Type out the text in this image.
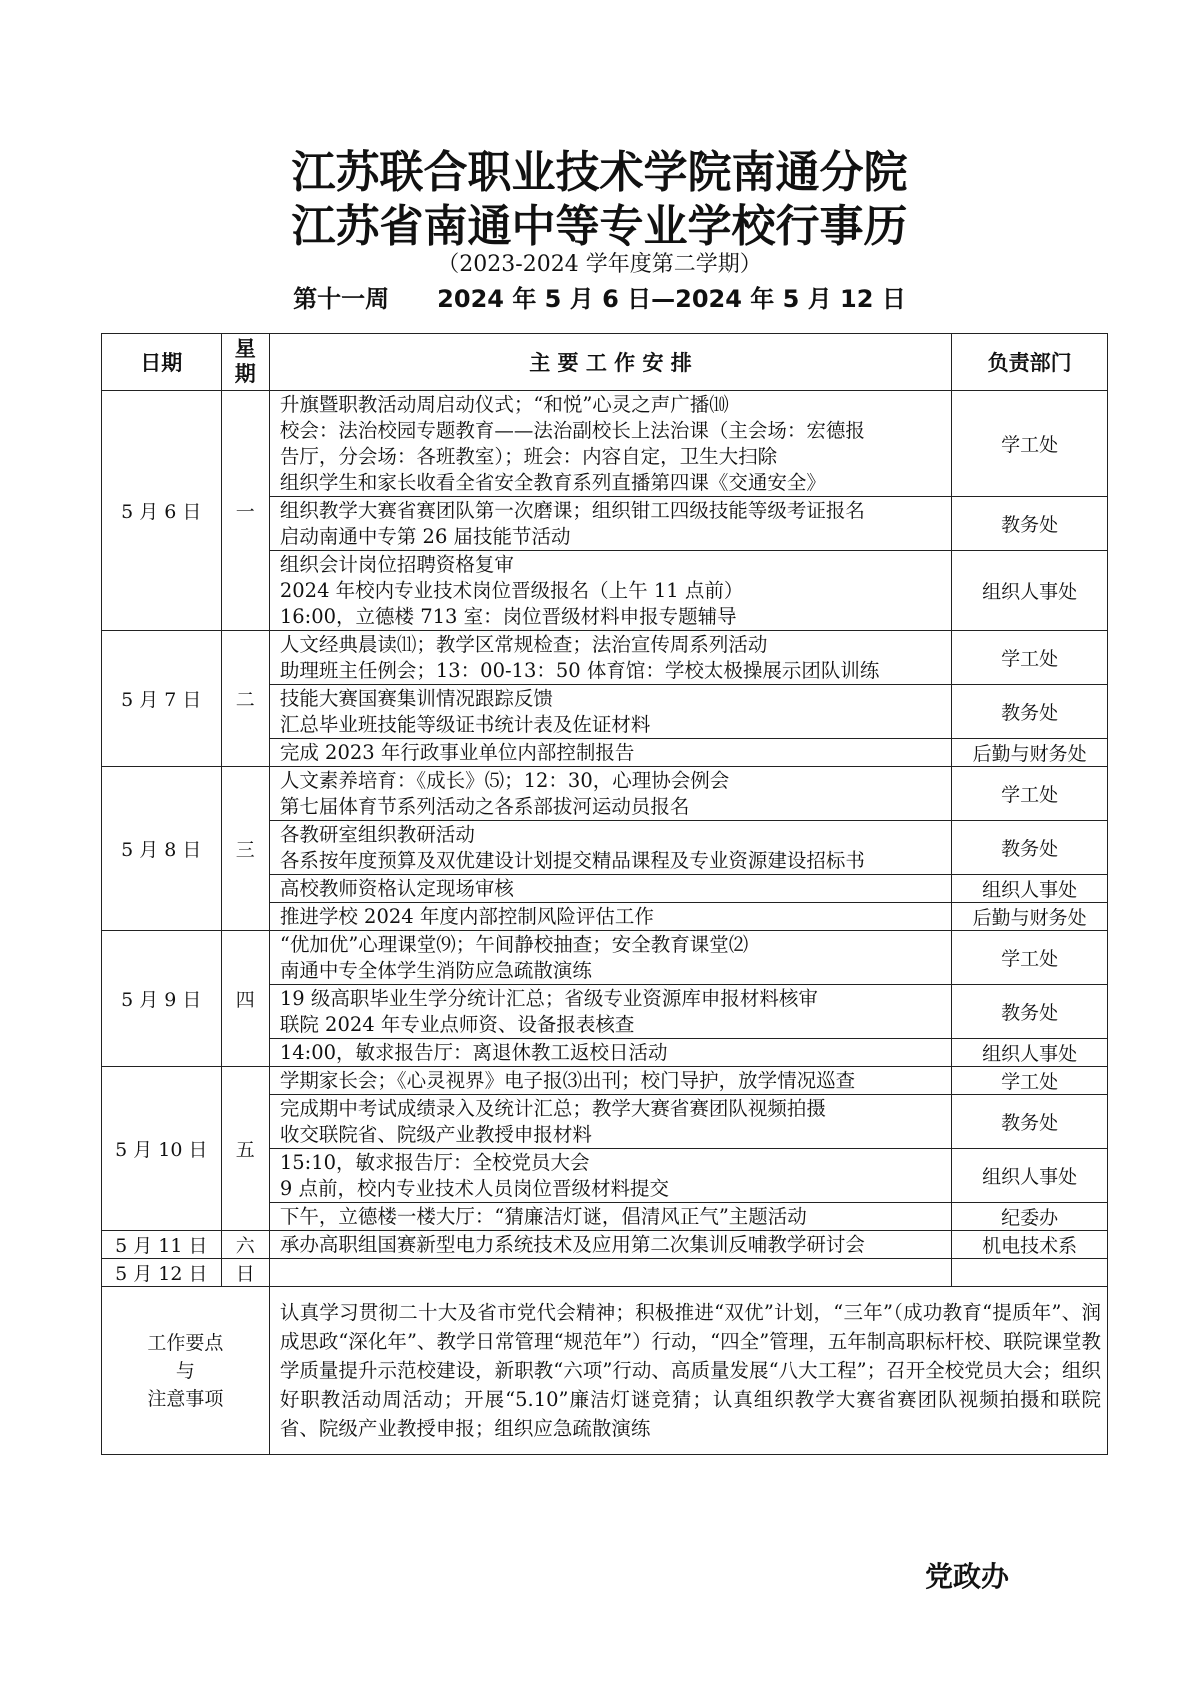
江苏联合职业技术学院南通分院
江苏省南通中等专业学校行事历
（2023-2024 学年度第二学期）
第十一周　　2024 年 5 月 6 日—2024 年 5 月 12 日
日期	星期	主 要 工 作 安 排	负责部门
5 月 6 日	一	升旗暨职教活动周启动仪式；“和悦”心灵之声广播⑽
校会：法治校园专题教育——法治副校长上法治课（主会场：宏德报
告厅，分会场：各班教室）；班会：内容自定，卫生大扫除
组织学生和家长收看全省安全教育系列直播第四课《交通安全》	学工处

		组织教学大赛省赛团队第一次磨课；组织钳工四级技能等级考证报名
启动南通中专第 26 届技能节活动	教务处

		组织会计岗位招聘资格复审
2024 年校内专业技术岗位晋级报名（上午 11 点前）
16:00，立德楼 713 室：岗位晋级材料申报专题辅导	组织人事处
5 月 7 日	二	人文经典晨读⑾；教学区常规检查；法治宣传周系列活动
助理班主任例会；13：00-13：50 体育馆：学校太极操展示团队训练	学工处

		技能大赛国赛集训情况跟踪反馈
汇总毕业班技能等级证书统计表及佐证材料	教务处

		完成 2023 年行政事业单位内部控制报告	后勤与财务处
5 月 8 日	三	人文素养培育：《成长》⑸；12：30，心理协会例会
第七届体育节系列活动之各系部拔河运动员报名	学工处

		各教研室组织教研活动
各系按年度预算及双优建设计划提交精品课程及专业资源建设招标书	教务处

		高校教师资格认定现场审核	组织人事处

		推进学校 2024 年度内部控制风险评估工作	后勤与财务处
5 月 9 日	四	“优加优”心理课堂⑼；午间静校抽查；安全教育课堂⑵
南通中专全体学生消防应急疏散演练	学工处

		19 级高职毕业生学分统计汇总；省级专业资源库申报材料核审
联院 2024 年专业点师资、设备报表核查	教务处

		14:00，敏求报告厅：离退休教工返校日活动	组织人事处
5 月 10 日	五	学期家长会；《心灵视界》电子报⑶出刊；校门导护，放学情况巡查	学工处

		完成期中考试成绩录入及统计汇总；教学大赛省赛团队视频拍摄
收交联院省、院级产业教授申报材料	教务处

		15:10，敏求报告厅：全校党员大会
9 点前，校内专业技术人员岗位晋级材料提交	组织人事处

		下午，立德楼一楼大厅：“猜廉洁灯谜，倡清风正气”主题活动	纪委办
5 月 11 日	六	承办高职组国赛新型电力系统技术及应用第二次集训反哺教学研讨会	机电技术系
5 月 12 日	日	

工作要点
与
注意事项		认真学习贯彻二十大及省市党代会精神；积极推进“双优”计划，“三年”（成功教育“提质年”、润成思政“深化年”、教学日常管理“规范年”）行动，“四全”管理，五年制高职标杆校、联院课堂教学质量提升示范校建设，新职教“六项”行动、高质量发展“八大工程”；召开全校党员大会；组织好职教活动周活动；开展“5.10”廉洁灯谜竞猜；认真组织教学大赛省赛团队视频拍摄和联院省、院级产业教授申报；组织应急疏散演练	
党政办
